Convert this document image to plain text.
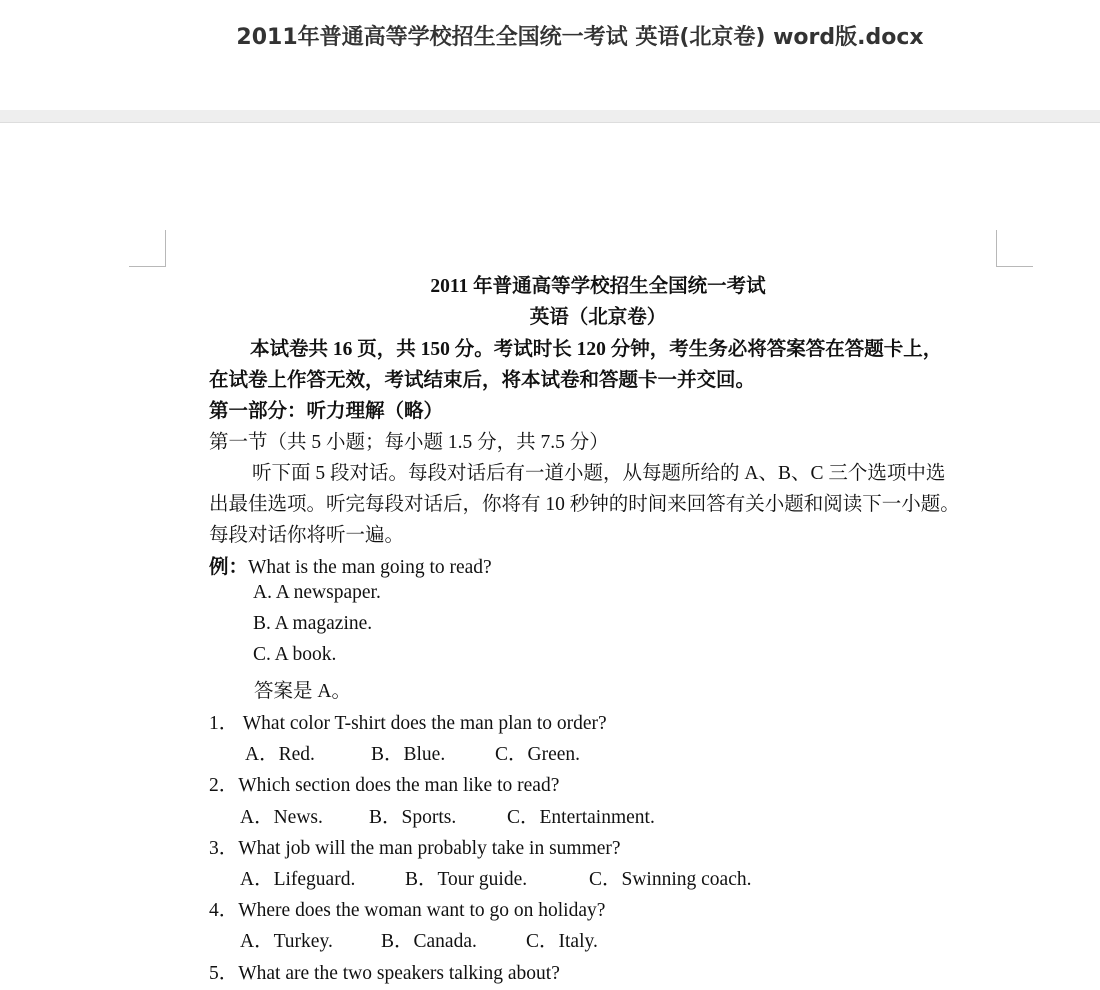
2011年普通高等学校招生全国统一考试 英语(北京卷) word版.docx
2011 年普通高等学校招生全国统一考试
英语（北京卷）
本试卷共 16 页，共 150 分。考试时长 120 分钟，考生务必将答案答在答题卡上，
在试卷上作答无效，考试结束后，将本试卷和答题卡一并交回。
第一部分：听力理解（略）
第一节（共 5 小题；每小题 1.5 分，共 7.5 分）
听下面 5 段对话。每段对话后有一道小题，从每题所给的 A、B、C 三个选项中选
出最佳选项。听完每段对话后，你将有 10 秒钟的时间来回答有关小题和阅读下一小题。
每段对话你将听一遍。
例：What is the man going to read?
A. A newspaper.
B. A magazine.
C. A book.
答案是 A。
1． What color T-shirt does the man plan to order?
A．Red.	B．Blue.	C．Green.
2．Which section does the man like to read?
A．News. B．Sports.	C．Entertainment.
3．What job will the man probably take in summer?
A．Lifeguard.	B．Tour guide.	C．Swinning coach.
4．Where does the woman want to go on holiday?
A．Turkey. B．Canada.	C．Italy.
5．What are the two speakers talking about?
